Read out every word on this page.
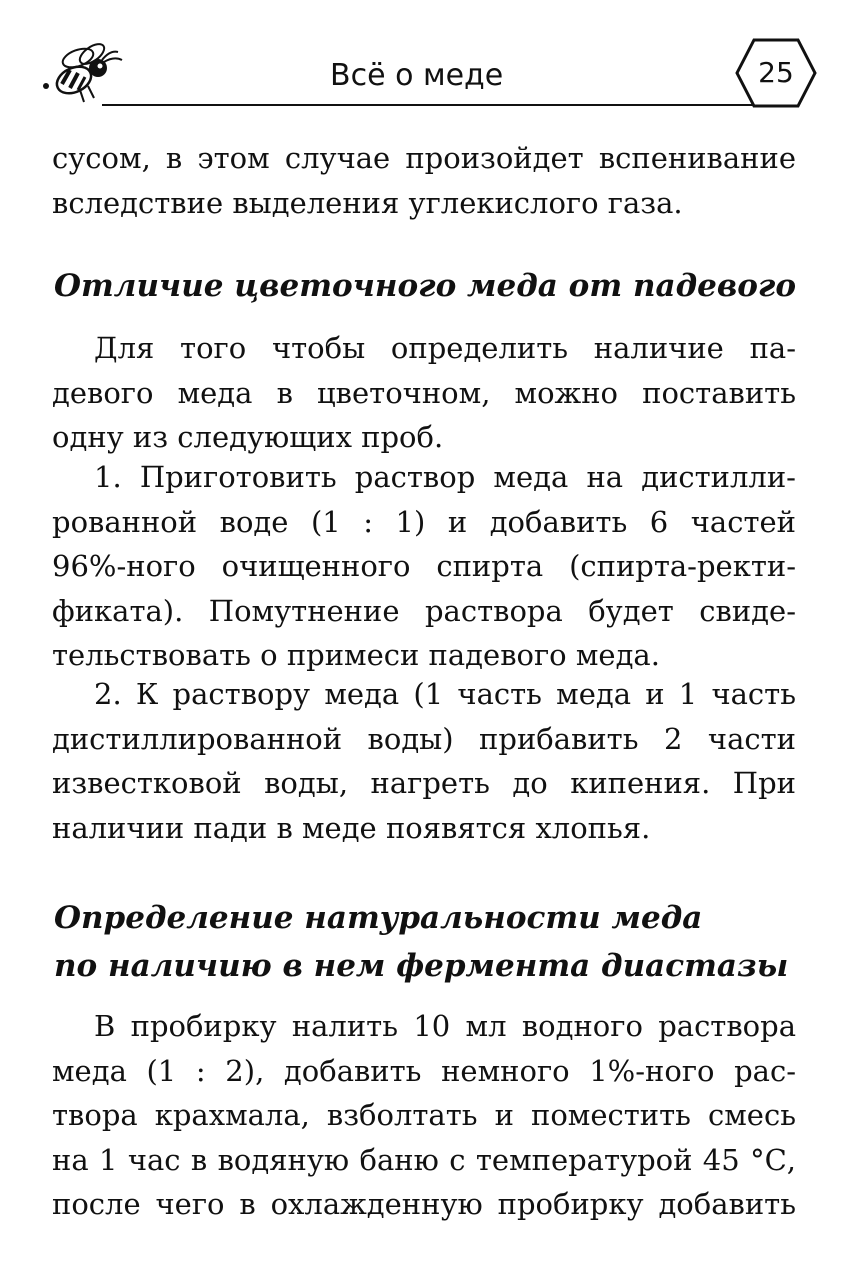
Всё о меде	25
сусом, в этом случае произойдет вспенивание
вследствие выделения углекислого газа.
Отличие цветочного меда от падевого
Для того чтобы определить наличие па-
девого меда в цветочном, можно поставить
одну из следующих проб.
1. Приготовить раствор меда на дистилли-
рованной воде (1 : 1) и добавить 6 частей
96%-ного очищенного спирта (спирта-ректи-
фиката). Помутнение раствора будет свиде-
тельствовать о примеси падевого меда.
2. К раствору меда (1 часть меда и 1 часть
дистиллированной воды) прибавить 2 части
известковой воды, нагреть до кипения. При
наличии пади в меде появятся хлопья.
Определение натуральности меда
по наличию в нем фермента диастазы
В пробирку налить 10 мл водного раствора
меда (1 : 2), добавить немного 1%-ного рас-
твора крахмала, взболтать и поместить смесь
на 1 час в водяную баню с температурой 45 °С,
после чего в охлажденную пробирку добавить
